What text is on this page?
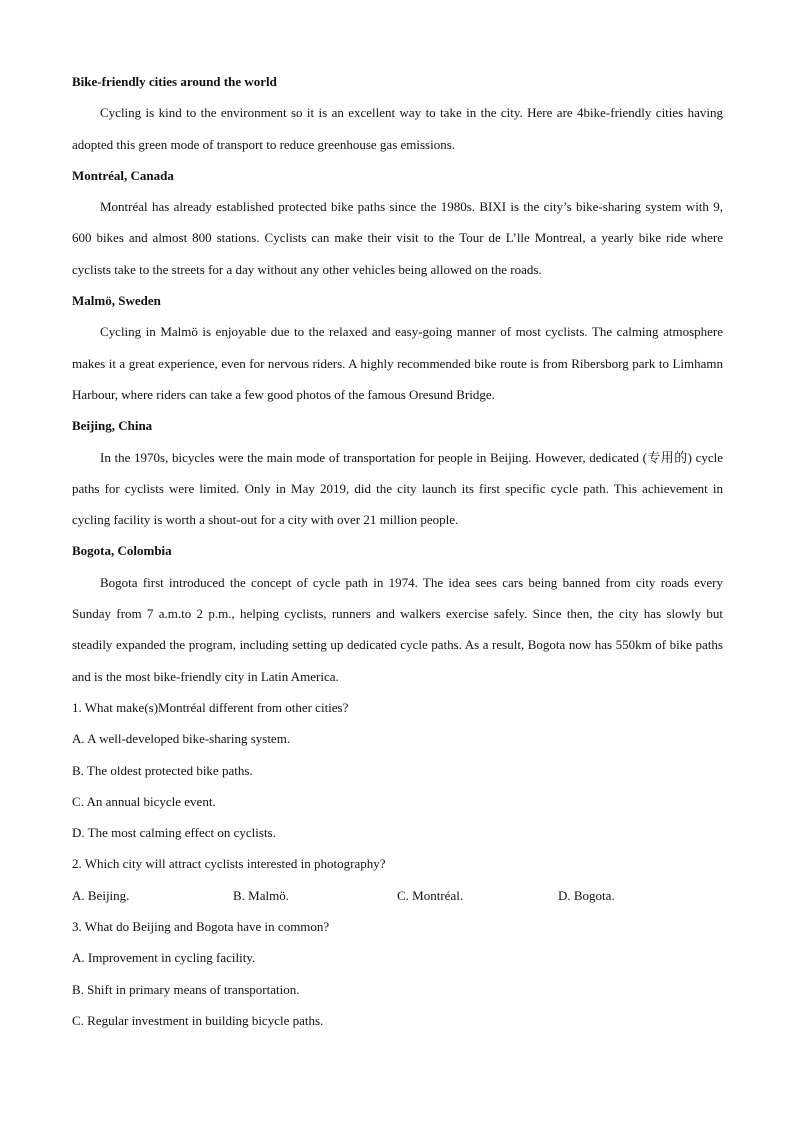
Bike-friendly cities around the world

Cycling is kind to the environment so it is an excellent way to take in the city. Here are 4bike-friendly cities having adopted this green mode of transport to reduce greenhouse gas emissions.

Montréal, Canada

Montréal has already established protected bike paths since the 1980s. BIXI is the city’s bike-sharing system with 9, 600 bikes and almost 800 stations. Cyclists can make their visit to the Tour de L’lle Montreal, a yearly bike ride where cyclists take to the streets for a day without any other vehicles being allowed on the roads.

Malmö, Sweden

Cycling in Malmö is enjoyable due to the relaxed and easy-going manner of most cyclists. The calming atmosphere makes it a great experience, even for nervous riders. A highly recommended bike route is from Ribersborg park to Limhamn Harbour, where riders can take a few good photos of the famous Oresund Bridge.

Beijing, China

In the 1970s, bicycles were the main mode of transportation for people in Beijing. However, dedicated (专用的) cycle paths for cyclists were limited. Only in May 2019, did the city launch its first specific cycle path. This achievement in cycling facility is worth a shout-out for a city with over 21 million people.

Bogota, Colombia

Bogota first introduced the concept of cycle path in 1974. The idea sees cars being banned from city roads every Sunday from 7 a.m.to 2 p.m., helping cyclists, runners and walkers exercise safely. Since then, the city has slowly but steadily expanded the program, including setting up dedicated cycle paths. As a result, Bogota now has 550km of bike paths and is the most bike-friendly city in Latin America.

1. What make(s)Montréal different from other cities?

A. A well-developed bike-sharing system.

B. The oldest protected bike paths.

C. An annual bicycle event.

D. The most calming effect on cyclists.

2. Which city will attract cyclists interested in photography?

A. Beijing.	B. Malmö.	C. Montréal.	D. Bogota.

3. What do Beijing and Bogota have in common?

A. Improvement in cycling facility.

B. Shift in primary means of transportation.

C. Regular investment in building bicycle paths.
